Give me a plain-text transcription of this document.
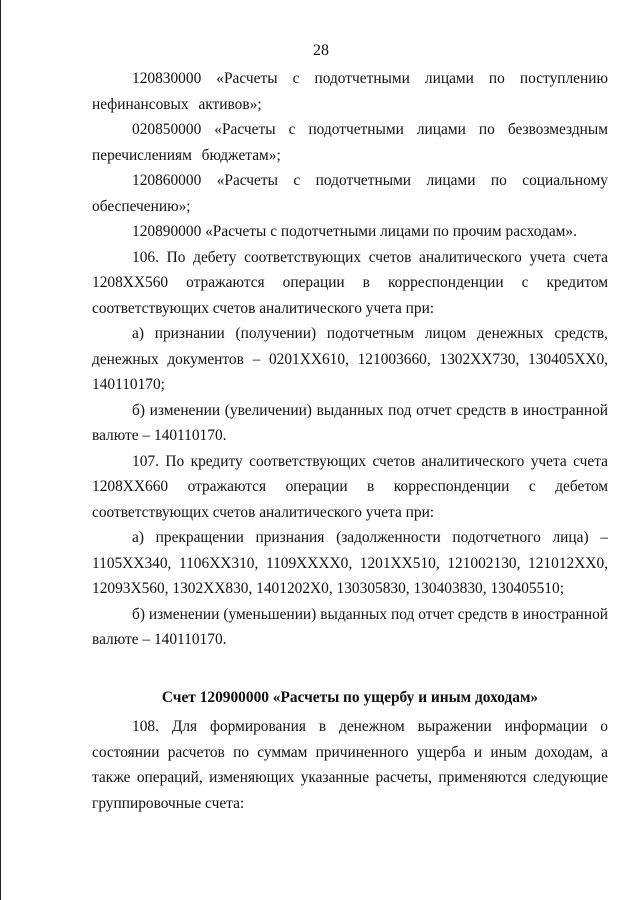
28

120830000 «Расчеты с подотчетными лицами по поступлению нефинансовых активов»;

020850000 «Расчеты с подотчетными лицами по безвозмездным перечислениям бюджетам»;

120860000 «Расчеты с подотчетными лицами по социальному обеспечению»;

120890000 «Расчеты с подотчетными лицами по прочим расходам».

106. По дебету соответствующих счетов аналитического учета счета 1208XX560 отражаются операции в корреспонденции с кредитом соответствующих счетов аналитического учета при:

а) признании (получении) подотчетным лицом денежных средств, денежных документов – 0201XX610, 121003660, 1302XX730, 130405XX0, 140110170;

б) изменении (увеличении) выданных под отчет средств в иностранной валюте – 140110170.

107. По кредиту соответствующих счетов аналитического учета счета 1208XX660 отражаются операции в корреспонденции с дебетом соответствующих счетов аналитического учета при:

а) прекращении признания (задолженности подотчетного лица) – 1105XX340, 1106XX310, 1109XXXX0, 1201XX510, 121002130, 121012XX0, 12093X560, 1302XX830, 1401202X0, 130305830, 130403830, 130405510;

б) изменении (уменьшении) выданных под отчет средств в иностранной валюте – 140110170.

Счет 120900000 «Расчеты по ущербу и иным доходам»

108. Для формирования в денежном выражении информации о состоянии расчетов по суммам причиненного ущерба и иным доходам, а также операций, изменяющих указанные расчеты, применяются следующие группировочные счета:
